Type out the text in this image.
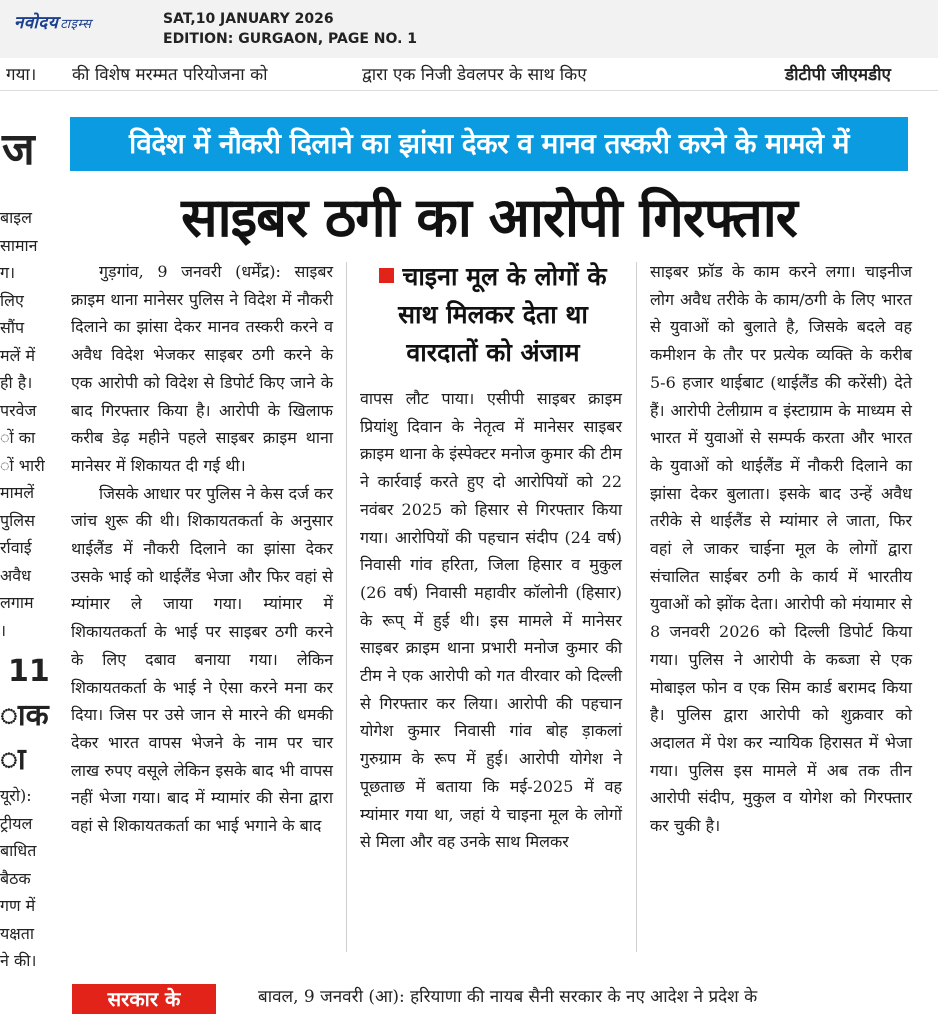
नवोदय टाइम्स	SAT,10 JANUARY 2026
EDITION: GURGAON, PAGE NO. 1
गया। की विशेष मरम्मत परियोजना को	द्वारा एक निजी डेवलपर के साथ किए	डीटीपी जीएमडीए
ज
बाइल
सामान
ग।
लिए
सौंप
मलें में
ही है।
परवेज
ों का
ों भारी
मामलें
पुलिस
र्रावाई
अवैध
लगाम
।
11
ाक
ा
यूरो):
ट्रीयल
बाधित
बैठक
गण में
यक्षता
ने की।
विदेश में नौकरी दिलाने का झांसा देकर व मानव तस्करी करने के मामले में
साइबर ठगी का आरोपी गिरफ्तार

गुड़गांव, 9 जनवरी (धर्मेंद्र): साइबर क्राइम थाना मानेसर पुलिस ने विदेश में नौकरी दिलाने का झांसा देकर मानव तस्करी करने व अवैध विदेश भेजकर साइबर ठगी करने के एक आरोपी को विदेश से डिपोर्ट किए जाने के बाद गिरफ्तार किया है। आरोपी के खिलाफ करीब डेढ़ महीने पहले साइबर क्राइम थाना मानेसर में शिकायत दी गई थी।

जिसके आधार पर पुलिस ने केस दर्ज कर जांच शुरू की थी। शिकायतकर्ता के अनुसार थाईलैंड में नौकरी दिलाने का झांसा देकर उसके भाई को थाईलैंड भेजा और फिर वहां से म्यांमार ले जाया गया। म्यांमार में शिकायतकर्ता के भाई पर साइबर ठगी करने के लिए दबाव बनाया गया। लेकिन शिकायतकर्ता के भाई ने ऐसा करने मना कर दिया। जिस पर उसे जान से मारने की धमकी देकर भारत वापस भेजने के नाम पर चार लाख रुपए वसूले लेकिन इसके बाद भी वापस नहीं भेजा गया। बाद में म्यामांर की सेना द्वारा वहां से शिकायतकर्ता का भाई भगाने के बाद

चाइना मूल के लोगों के साथ मिलकर देता था वारदातों को अंजाम

वापस लौट पाया। एसीपी साइबर क्राइम प्रियांशु दिवान के नेतृत्व में मानेसर साइबर क्राइम थाना के इंस्पेक्टर मनोज कुमार की टीम ने कार्रवाई करते हुए दो आरोपियों को 22 नवंबर 2025 को हिसार से गिरफ्तार किया गया। आरोपियों की पहचान संदीप (24 वर्ष) निवासी गांव हरिता, जिला हिसार व मुकुल (26 वर्ष) निवासी महावीर कॉलोनी (हिसार) के रूप् में हुई थी। इस मामले में मानेसर साइबर क्राइम थाना प्रभारी मनोज कुमार की टीम ने एक आरोपी को गत वीरवार को दिल्ली से गिरफ्तार कर लिया। आरोपी की पहचान योगेश कुमार निवासी गांव बोह ड़ाकलां गुरुग्राम के रूप में हुई। आरोपी योगेश ने पूछताछ में बताया कि मई-2025 में वह म्यांमार गया था, जहां ये चाइना मूल के लोगों से मिला और वह उनके साथ मिलकर

साइबर फ्रॉड के काम करने लगा। चाइनीज लोग अवैध तरीके के काम/ठगी के लिए भारत से युवाओं को बुलाते है, जिसके बदले वह कमीशन के तौर पर प्रत्येक व्यक्ति के करीब 5-6 हजार थाईबाट (थाईलैंड की करेंसी) देते हैं। आरोपी टेलीग्राम व इंस्टाग्राम के माध्यम से भारत में युवाओं से सम्पर्क करता और भारत के युवाओं को थाईलैंड में नौकरी दिलाने का झांसा देकर बुलाता। इसके बाद उन्हें अवैध तरीके से थाईलैंड से म्यांमार ले जाता, फिर वहां ले जाकर चाईना मूल के लोगों द्वारा संचालित साईबर ठगी के कार्य में भारतीय युवाओं को झोंक देता। आरोपी को मंयामार से 8 जनवरी 2026 को दिल्ली डिपोर्ट किया गया। पुलिस ने आरोपी के कब्जा से एक मोबाइल फोन व एक सिम कार्ड बरामद किया है। पुलिस द्वारा आरोपी को शुक्रवार को अदालत में पेश कर न्यायिक हिरासत में भेजा गया। पुलिस इस मामले में अब तक तीन आरोपी संदीप, मुकुल व योगेश को गिरफ्तार कर चुकी है।

सरकार के	बावल, 9 जनवरी (आ): हरियाणा की नायब सैनी सरकार के नए आदेश ने प्रदेश के
